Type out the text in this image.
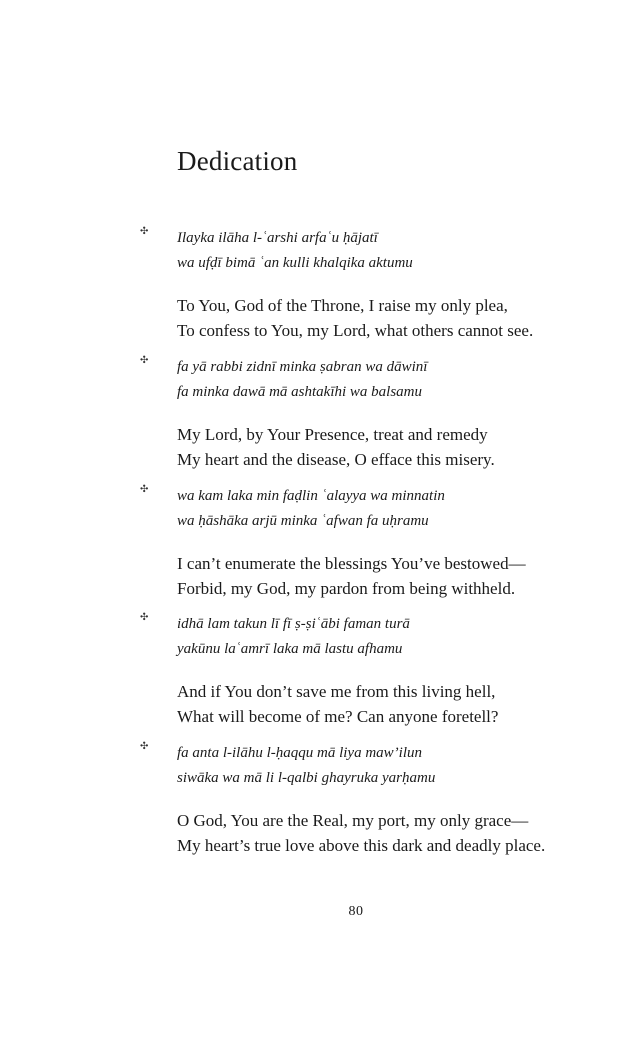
Dedication
✣ Ilayka ilāha l-ʿarshi arfaʿu ḥājatī
wa ufḍī bimā ʿan kulli khalqika aktumu
To You, God of the Throne, I raise my only plea,
To confess to You, my Lord, what others cannot see.
✣ fa yā rabbi zidnī minka ṣabran wa dāwinī
fa minka dawā mā ashtakīhi wa balsamu
My Lord, by Your Presence, treat and remedy
My heart and the disease, O efface this misery.
✣ wa kam laka min faḍlin ʿalayya wa minnatin
wa ḥāshāka arjū minka ʿafwan fa uḥramu
I can’t enumerate the blessings You’ve bestowed—
Forbid, my God, my pardon from being withheld.
✣ idhā lam takun lī fī ṣ-ṣiʿābi faman turā
yakūnu laʿamrī laka mā lastu afhamu
And if You don’t save me from this living hell,
What will become of me? Can anyone foretell?
✣ fa anta l-ilāhu l-ḥaqqu mā liya maw’ilun
siwāka wa mā li l-qalbi ghayruka yarḥamu
O God, You are the Real, my port, my only grace—
My heart’s true love above this dark and deadly place.
80
